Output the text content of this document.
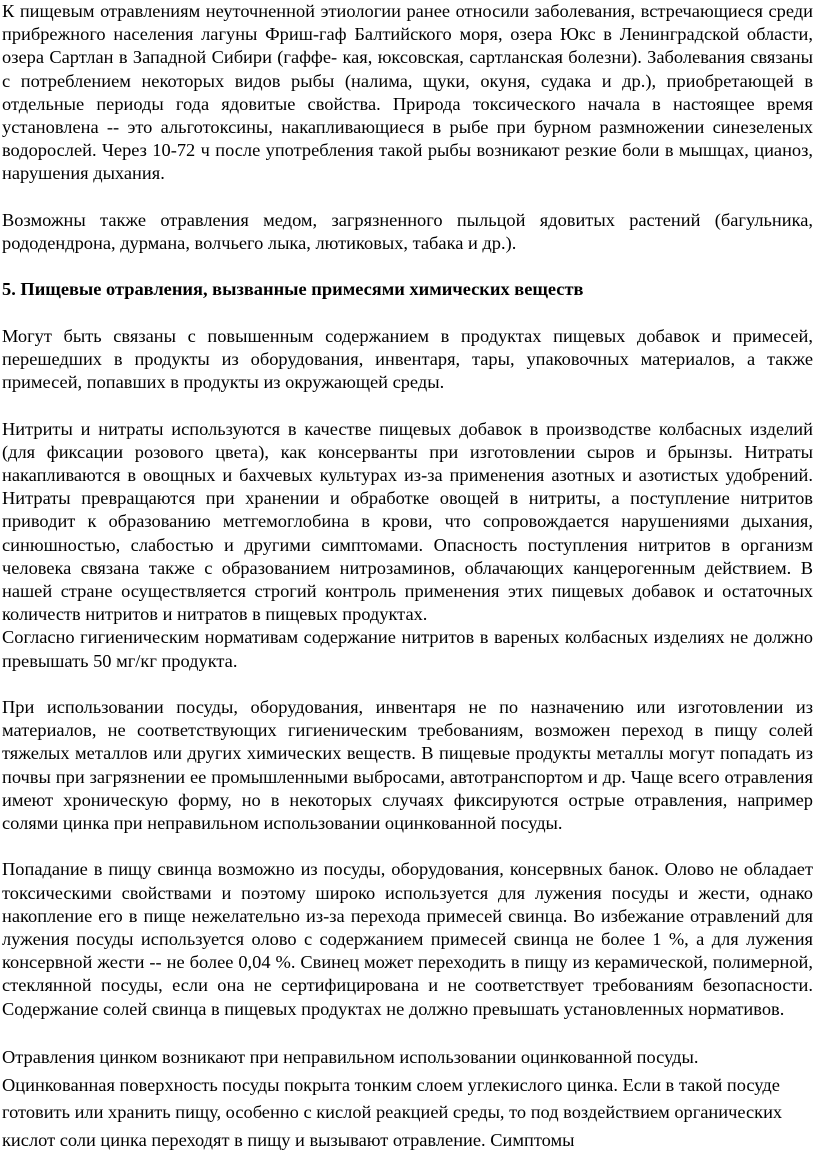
К пищевым отравлениям неуточненной этиологии ранее относили заболевания, встречающиеся среди прибрежного населения лагуны Фриш-гаф Балтийского моря, озера Юкс в Ленинградской области, озера Сартлан в Западной Сибири (гаффе- кая, юксовская, сартланская болезни). Заболевания связаны с потреблением некоторых видов рыбы (налима, щуки, окуня, судака и др.), приобретающей в отдельные периоды года ядовитые свойства. Природа токсического начала в настоящее время установлена -- это альготоксины, накапливающиеся в рыбе при бурном размножении синезеленых водорослей. Через 10-72 ч после употребления такой рыбы возникают резкие боли в мышцах, цианоз, нарушения дыхания.

Возможны также отравления медом, загрязненного пыльцой ядовитых растений (багульника, рододендрона, дурмана, волчьего лыка, лютиковых, табака и др.).

5. Пищевые отравления, вызванные примесями химических веществ

Могут быть связаны с повышенным содержанием в продуктах пищевых добавок и примесей, перешедших в продукты из оборудования, инвентаря, тары, упаковочных материалов, а также примесей, попавших в продукты из окружающей среды.

Нитриты и нитраты используются в качестве пищевых добавок в производстве колбасных изделий (для фиксации розового цвета), как консерванты при изготовлении сыров и брынзы. Нитраты накапливаются в овощных и бахчевых культурах из-за применения азотных и азотистых удобрений. Нитраты превращаются при хранении и обработке овощей в нитриты, а поступление нитритов приводит к образованию метгемоглобина в крови, что сопровождается нарушениями дыхания, синюшностью, слабостью и другими симптомами. Опасность поступления нитритов в организм человека связана также с образованием нитрозаминов, облачающих канцерогенным действием. В нашей стране осуществляется строгий контроль применения этих пищевых добавок и остаточных количеств нитритов и нитратов в пищевых продуктах.

Согласно гигиеническим нормативам содержание нитритов в вареных колбасных изделиях не должно превышать 50 мг/кг продукта.

При использовании посуды, оборудования, инвентаря не по назначению или изготовлении из материалов, не соответствующих гигиеническим требованиям, возможен переход в пищу солей тяжелых металлов или других химических веществ. В пищевые продукты металлы могут попадать из почвы при загрязнении ее промышленными выбросами, автотранспортом и др. Чаще всего отравления имеют хроническую форму, но в некоторых случаях фиксируются острые отравления, например солями цинка при неправильном использовании оцинкованной посуды.

Попадание в пищу свинца возможно из посуды, оборудования, консервных банок. Олово не обладает токсическими свойствами и поэтому широко используется для лужения посуды и жести, однако накопление его в пище нежелательно из-за перехода примесей свинца. Во избежание отравлений для лужения посуды используется олово с содержанием примесей свинца не более 1 %, а для лужения консервной жести -- не более 0,04 %. Свинец может переходить в пищу из керамической, полимерной, стеклянной посуды, если она не сертифицирована и не соответствует требованиям безопасности. Содержание солей свинца в пищевых продуктах не должно превышать установленных нормативов.

Отравления цинком возникают при неправильном использовании оцинкованной посуды. Оцинкованная поверхность посуды покрыта тонким слоем углекислого цинка. Если в такой посуде готовить или хранить пищу, особенно с кислой реакцией среды, то под воздействием органических кислот соли цинка переходят в пищу и вызывают отравление. Симптомы
